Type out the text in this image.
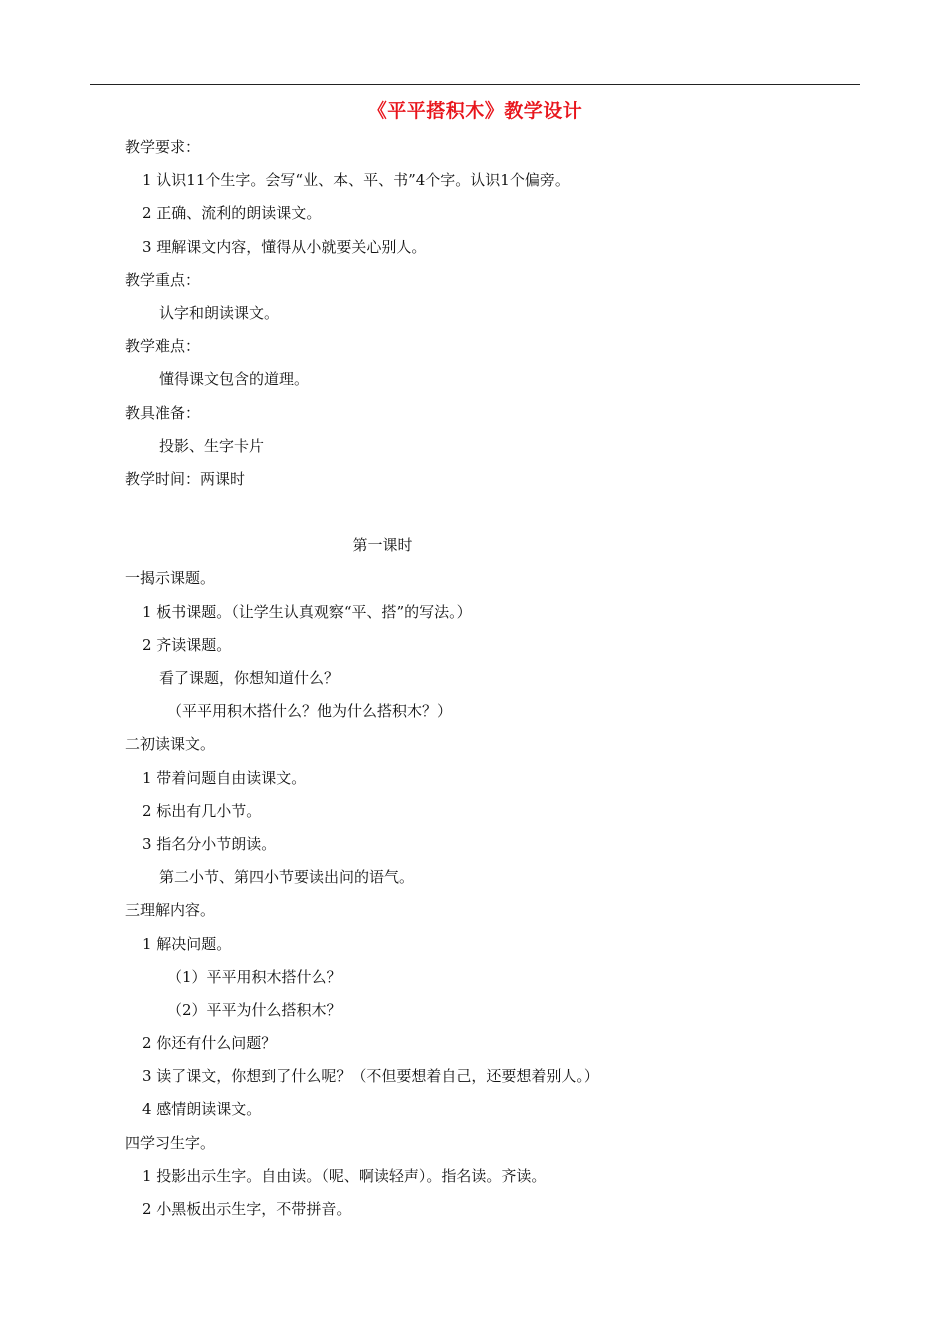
《平平搭积木》教学设计
教学要求：
1 认识11个生字。会写“业、本、平、书”4个字。认识1个偏旁。
2 正确、流利的朗读课文。
3 理解课文内容，懂得从小就要关心别人。
教学重点：
认字和朗读课文。
教学难点：
懂得课文包含的道理。
教具准备：
投影、生字卡片
教学时间：两课时
第一课时
一揭示课题。
1 板书课题。（让学生认真观察“平、搭”的写法。）
2 齐读课题。
看了课题，你想知道什么？
（平平用积木搭什么？他为什么搭积木？）
二初读课文。
1 带着问题自由读课文。
2 标出有几小节。
3 指名分小节朗读。
第二小节、第四小节要读出问的语气。
三理解内容。
1 解决问题。
（1）平平用积木搭什么？
（2）平平为什么搭积木？
2 你还有什么问题？
3 读了课文，你想到了什么呢？（不但要想着自己，还要想着别人。）
4 感情朗读课文。
四学习生字。
1 投影出示生字。自由读。（呢、啊读轻声）。指名读。齐读。
2 小黑板出示生字，不带拼音。
